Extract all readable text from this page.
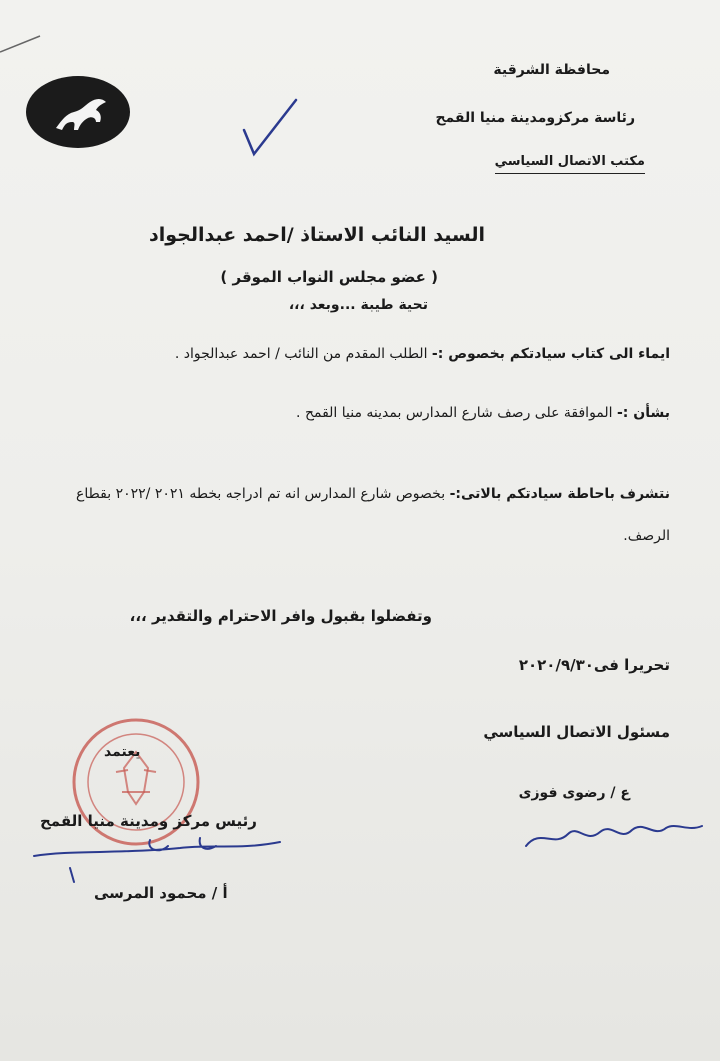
محافظة الشرقية
رئاسة مركزومدينة منيا القمح
مكتب الاتصال السياسي
السيد النائب الاستاذ /احمد عبدالجواد
( عضو مجلس النواب الموقر )
تحية طيبة ...وبعد ،،،
ايماء الى كتاب سيادتكم بخصوص :- الطلب المقدم من النائب / احمد عبدالجواد .
بشأن :- الموافقة على رصف شارع المدارس بمدينه منيا القمح .
نتشرف باحاطة سيادتكم بالاتى:- بخصوص شارع المدارس انه تم ادراجه بخطه ٢٠٢١ /٢٠٢٢ بقطاع
الرصف.
وتفضلوا بقبول وافر الاحترام والتقدير ،،،
تحريرا فى٢٠٢٠/٩/٣٠
مسئول الاتصال السياسي
ع / رضوى فوزى
يعتمد
رئيس مركز ومدينة منيا القمح
أ / محمود المرسى
